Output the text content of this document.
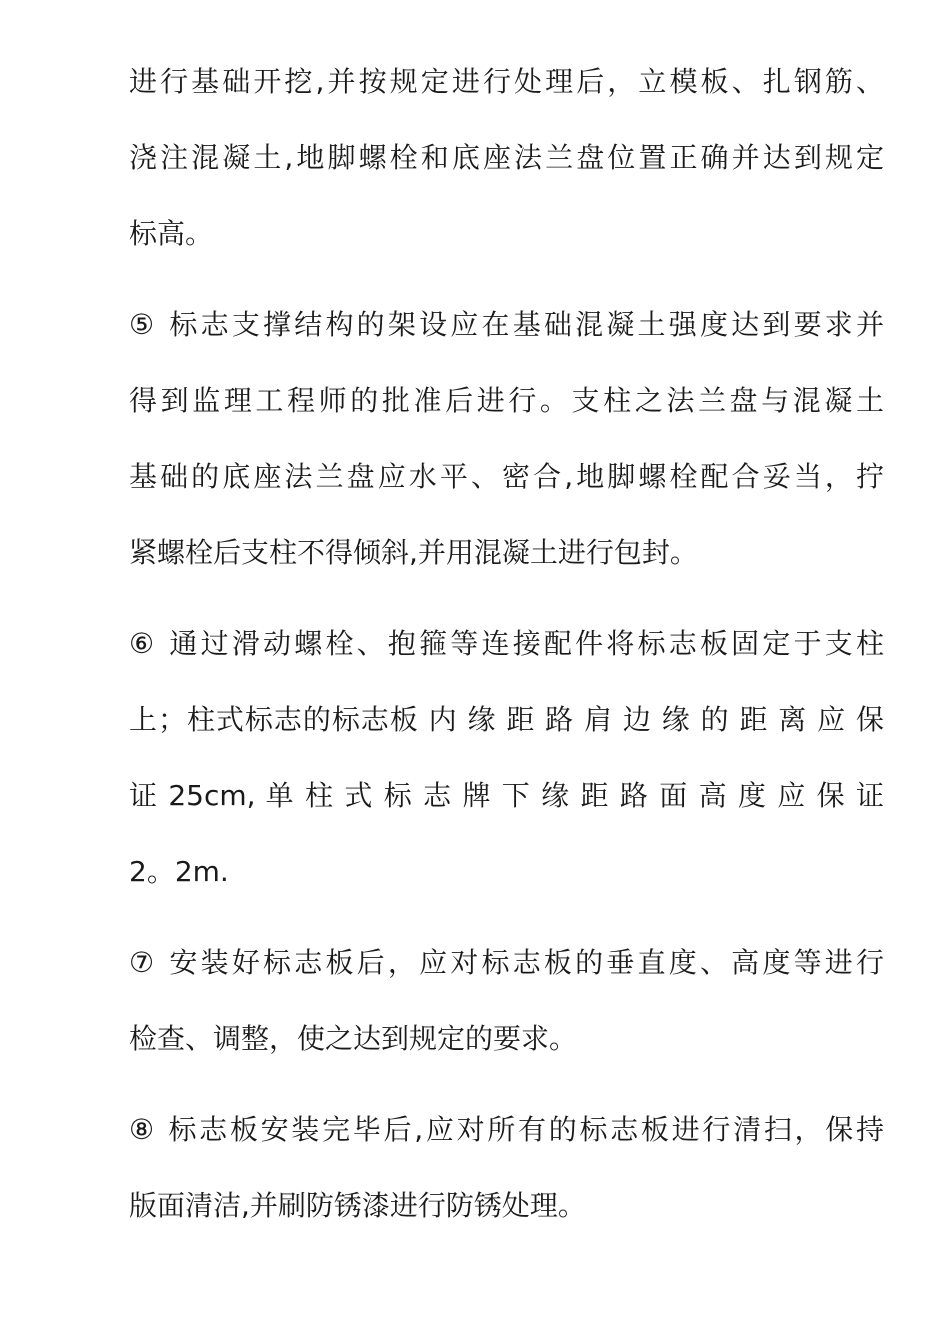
进行基础开挖,并按规定进行处理后，立模板、扎钢筋、
浇注混凝土,地脚螺栓和底座法兰盘位置正确并达到规定
标高。
⑤ 标志支撑结构的架设应在基础混凝土强度达到要求并
得到监理工程师的批准后进行。支柱之法兰盘与混凝土
基础的底座法兰盘应水平、密合,地脚螺栓配合妥当，拧
紧螺栓后支柱不得倾斜,并用混凝土进行包封。
⑥ 通过滑动螺栓、抱箍等连接配件将标志板固定于支柱
上；柱式标志的标志板 内 缘 距 路 肩 边 缘 的 距 离 应 保
证 25cm, 单 柱 式 标 志 牌 下 缘 距 路 面 高 度 应 保 证
2。2m.
⑦ 安装好标志板后，应对标志板的垂直度、高度等进行
检查、调整，使之达到规定的要求。
⑧ 标志板安装完毕后,应对所有的标志板进行清扫，保持
版面清洁,并刷防锈漆进行防锈处理。
